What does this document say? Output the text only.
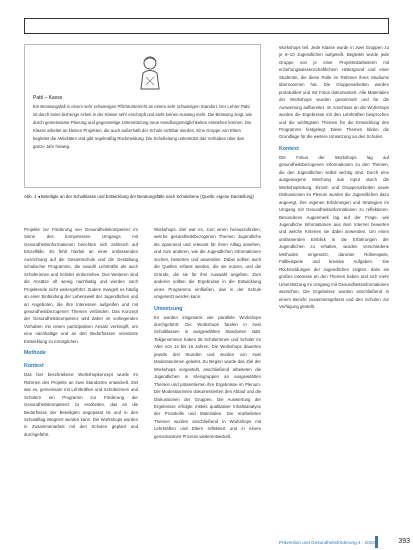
Patti – Kasse
Ein Beratungsfall in einem sehr schwierigen Pflichtunterricht an einem sehr schwierigen Standort. Der Lehrer Patti ist durch seine bisherige Arbeit in der Klasse sehr erschöpft und sieht keinen Ausweg mehr. Die Beratung zeigt, wie durch gemeinsame Planung und gegenseitige Unterstützung neue Handlungsmöglichkeiten entstehen können. Die Klasse arbeitet an kleinen Projekten, die auch außerhalb der Schule sichtbar werden. Eine Gruppe von Eltern begleitet die Aktivitäten und gibt regelmäßig Rückmeldung. Die Schulleitung unterstützt das Vorhaben über das ganze Jahr hinweg.
Abb. 1 ◂ Beteiligte an der Schulklasse und Entwicklung der Beratungsfälle nach Schulebene (Quelle: eigene Darstellung)

Projekte zur Förderung von Gesundheitskompetenz im Sinne des kompetenten Umgangs mit Gesundheitsinformationen berichten sich zahlreich auf Einzelfälle. Es fehlt hierbei an einer umfassenden Ausrichtung auf die Gesamtschule und die Gestaltung schulischer Programme, die sowohl Lehrkräfte als auch Schülerinnen und Schüler einbeziehen. Des Weiteren sind die Ansätze oft wenig nachhaltig und werden nach Projektende nicht weitergeführt. Zudem mangelt es häufig an einer Einbindung der Lebenswelt der Jugendlichen und an Angeboten, die ihre Interessen aufgreifen und mit gesundheitsbezogenen Themen verbinden. Das Konzept der Gesundheitskompetenz wird daher im vorliegenden Vorhaben mit einem partizipativen Ansatz verknüpft, um eine nachhaltige und an den Bedürfnissen orientierte Entwicklung zu ermöglichen.

Methode
Kontext

Das hier beschriebene Workshopkonzept wurde im Rahmen des Projekts an zwei Standorten entwickelt. Ziel war es, gemeinsam mit Lehrkräften und Schülerinnen und Schülern ein Programm zur Förderung der Gesundheitskompetenz zu erarbeiten, das an die Bedürfnisse der Beteiligten angepasst ist und in den Schulalltag integriert werden kann. Die Workshops wurden in Zusammenarbeit mit den Schulen geplant und durchgeführt.

Workshops. Ziel war es, zum einen herauszufinden, welche gesundheitsbezogenen Themen Jugendliche als spannend und relevant für ihren Alltag ansehen, und zum anderen, wie die Jugendlichen Informationen suchen, bewerten und anwenden. Dabei sollten auch die Quellen erfasst werden, die sie nutzen, und die Gründe, die sie für ihre Auswahl angeben. Zum anderen sollten die Ergebnisse in die Entwicklung eines Programms einfließen, das in der Schule umgesetzt werden kann.

Umsetzung

Es wurden insgesamt vier parallele Workshops durchgeführt. Die Workshops fanden in zwei Schulklassen in ausgewählten Standorten statt. Teilgenommen haben 36 Schülerinnen und Schüler im Alter von 14 bis 16 Jahren. Die Workshops dauerten jeweils drei Stunden und wurden von zwei Moderatorinnen geleitet. Zu Beginn wurde das Ziel der Workshops vorgestellt, anschließend arbeiteten die Jugendlichen in Kleingruppen an ausgewählten Themen und präsentierten ihre Ergebnisse im Plenum. Die Moderatorinnen dokumentierten den Ablauf und die Diskussionen der Gruppen. Die Auswertung der Ergebnisse erfolgte mittels qualitativer Inhaltsanalyse der Protokolle und Materialien. Die erarbeiteten Themen wurden anschließend in Workshops mit Lehrkräften und Eltern reflektiert und in einem gemeinsamen Prozess weiterentwickelt.

Workshops teil. Jede Klasse wurde in zwei Gruppen zu je 8–10 Jugendlichen aufgeteilt. Begleitet wurde jede Gruppe von je einer Projektmitarbeiterin mit erziehungswissenschaftlichem Hintergrund und einer Studentin, die diese Rolle im Rahmen ihres Studiums übernommen hat. Die Gruppenarbeiten wurden protokolliert und mit Fotos dokumentiert. Alle Materialien der Workshops wurden gesammelt und für die Auswertung aufbereitet. Im Anschluss an die Workshops wurden die Ergebnisse mit den Lehrkräften besprochen und die wichtigsten Themen für die Entwicklung des Programms festgelegt. Diese Themen bilden die Grundlage für die weitere Umsetzung an den Schulen.

Kontext

Der Fokus der Workshops lag auf gesundheitsbezogenen Informationen zu den Themen, die den Jugendlichen selbst wichtig sind. Durch eine ausgewogene Mischung aus Input durch die Workshopleitung, Einzel- und Gruppenarbeiten sowie Diskussionen im Plenum wurden die Jugendlichen dazu angeregt, ihre eigenen Erfahrungen und Strategien im Umgang mit Gesundheitsinformationen zu reflektieren. Besonderes Augenmerk lag auf der Frage, wie Jugendliche Informationen aus dem Internet bewerten und welche Kriterien sie dabei anwenden. Um einen umfassenden Einblick in die Erfahrungen der Jugendlichen zu erhalten, wurden verschiedene Methoden eingesetzt, darunter Rollenspiele, Fallbeispiele und kreative Aufgaben. Die Rückmeldungen der Jugendlichen zeigten, dass sie großes Interesse an den Themen haben und sich mehr Unterstützung im Umgang mit Gesundheitsinformationen wünschen. Die Ergebnisse wurden anschließend in einem Bericht zusammengefasst und den Schulen zur Verfügung gestellt.

Prävention und Gesundheitsförderung 4 · 2020	393
